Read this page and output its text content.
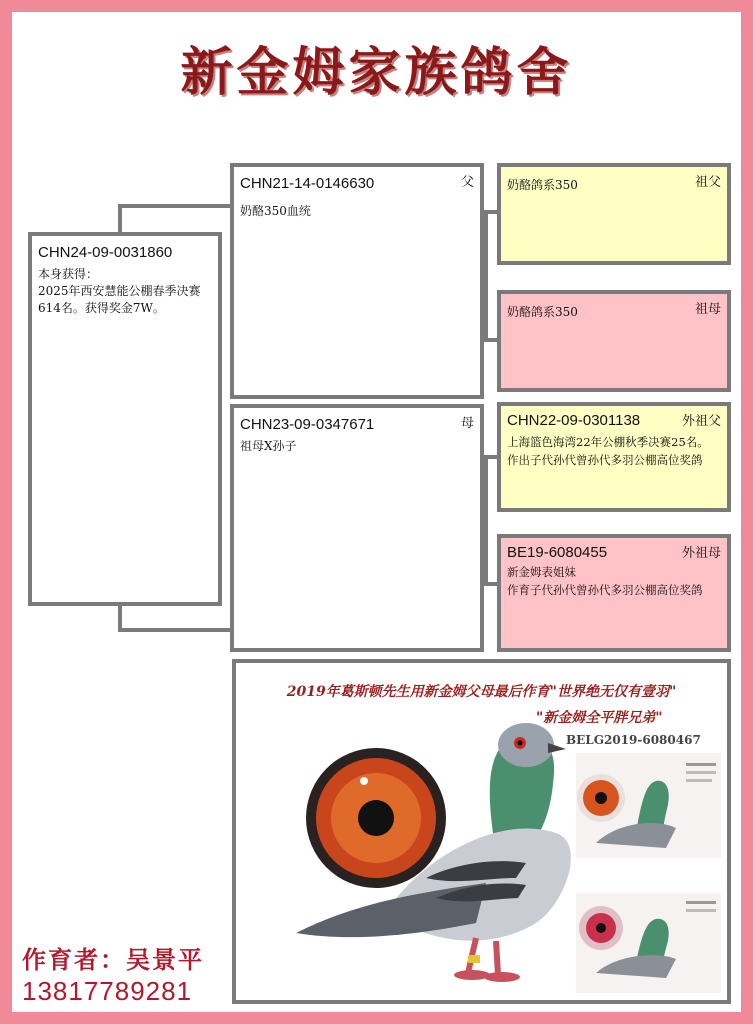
新金姆家族鸽舍
CHN24-09-0031860
本身获得：
2025年西安慧能公棚春季决赛
614名。获得奖金7W。
CHN21-14-0146630	父
奶酪350血统
CHN23-09-0347671	母
祖母X孙子
祖父
奶酪鸽系350
祖母
奶酪鸽系350
CHN22-09-0301138	外祖父
上海篮色海湾22年公棚秋季决赛25名。
作出子代孙代曾孙代多羽公棚高位奖鸽
BE19-6080455	外祖母
新金姆表姐妹
作育子代孙代曾孙代多羽公棚高位奖鸽
2019年葛斯顿先生用新金姆父母最后作育"世界绝无仅有壹羽"
"新金姆全平胖兄弟"
BELG2019-6080467
作育者：吴景平
13817789281
